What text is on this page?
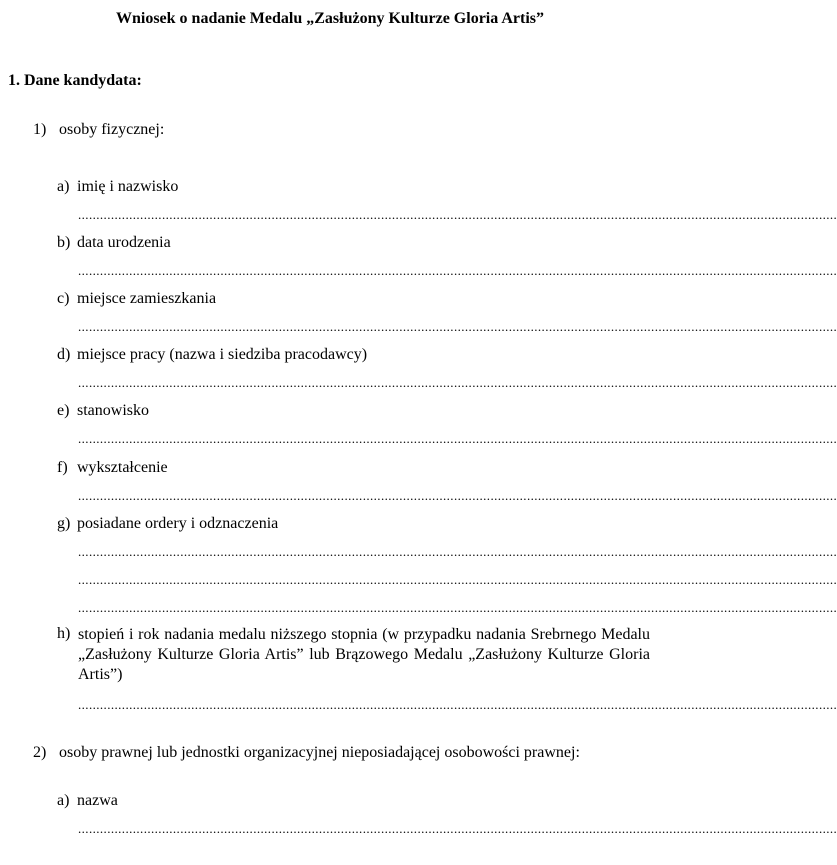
Wniosek o nadanie Medalu „Zasłużony Kulturze Gloria Artis”
1. Dane kandydata:
1) osoby fizycznej:
a) imię i nazwisko
................................................................................................................................................................................................................
b) data urodzenia
................................................................................................................................................................................................................
c) miejsce zamieszkania
................................................................................................................................................................................................................
d) miejsce pracy (nazwa i siedziba pracodawcy)
................................................................................................................................................................................................................
e) stanowisko
................................................................................................................................................................................................................
f) wykształcenie
................................................................................................................................................................................................................
g) posiadane ordery i odznaczenia
................................................................................................................................................................................................................
................................................................................................................................................................................................................
................................................................................................................................................................................................................
h) stopień i rok nadania medalu niższego stopnia (w przypadku nadania Srebrnego Medalu „Zasłużony Kulturze Gloria Artis” lub Brązowego Medalu „Zasłużony Kulturze Gloria Artis”)
................................................................................................................................................................................................................
2) osoby prawnej lub jednostki organizacyjnej nieposiadającej osobowości prawnej:
a) nazwa
................................................................................................................................................................................................................
